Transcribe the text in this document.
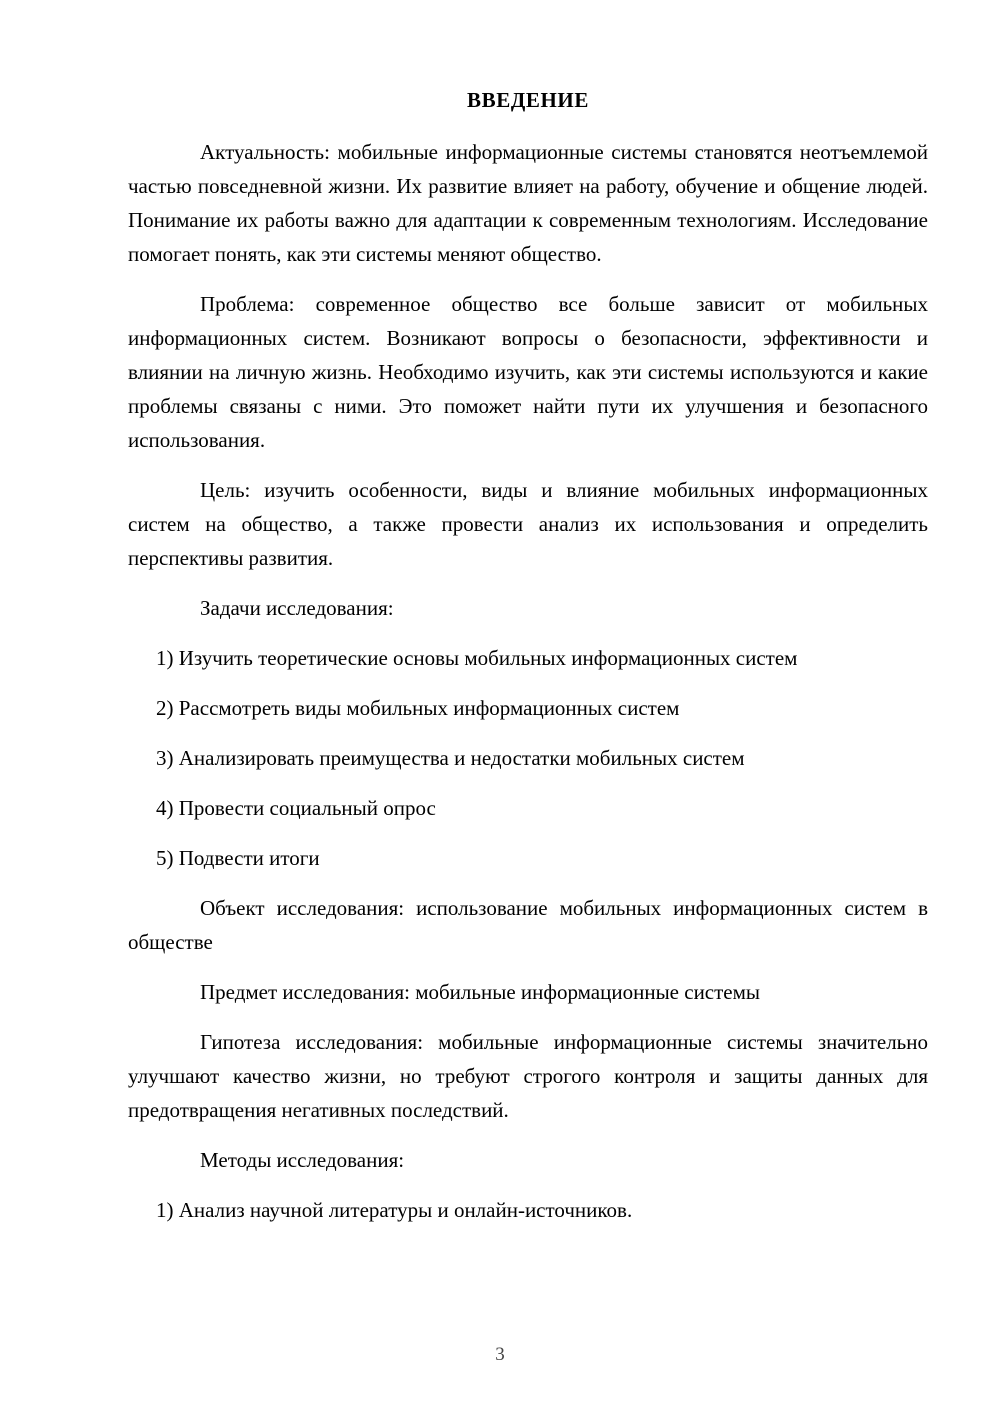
ВВЕДЕНИЕ

Актуальность: мобильные информационные системы становятся неотъемлемой частью повседневной жизни. Их развитие влияет на работу, обучение и общение людей. Понимание их работы важно для адаптации к современным технологиям. Исследование помогает понять, как эти системы меняют общество.

Проблема: современное общество все больше зависит от мобильных информационных систем. Возникают вопросы о безопасности, эффективности и влиянии на личную жизнь. Необходимо изучить, как эти системы используются и какие проблемы связаны с ними. Это поможет найти пути их улучшения и безопасного использования.

Цель: изучить особенности, виды и влияние мобильных информационных систем на общество, а также провести анализ их использования и определить перспективы развития.

Задачи исследования:

1) Изучить теоретические основы мобильных информационных систем

2) Рассмотреть виды мобильных информационных систем

3) Анализировать преимущества и недостатки мобильных систем

4) Провести социальный опрос

5) Подвести итоги

Объект исследования: использование мобильных информационных систем в обществе

Предмет исследования: мобильные информационные системы

Гипотеза исследования: мобильные информационные системы значительно улучшают качество жизни, но требуют строгого контроля и защиты данных для предотвращения негативных последствий.

Методы исследования:

1) Анализ научной литературы и онлайн-источников.

3
